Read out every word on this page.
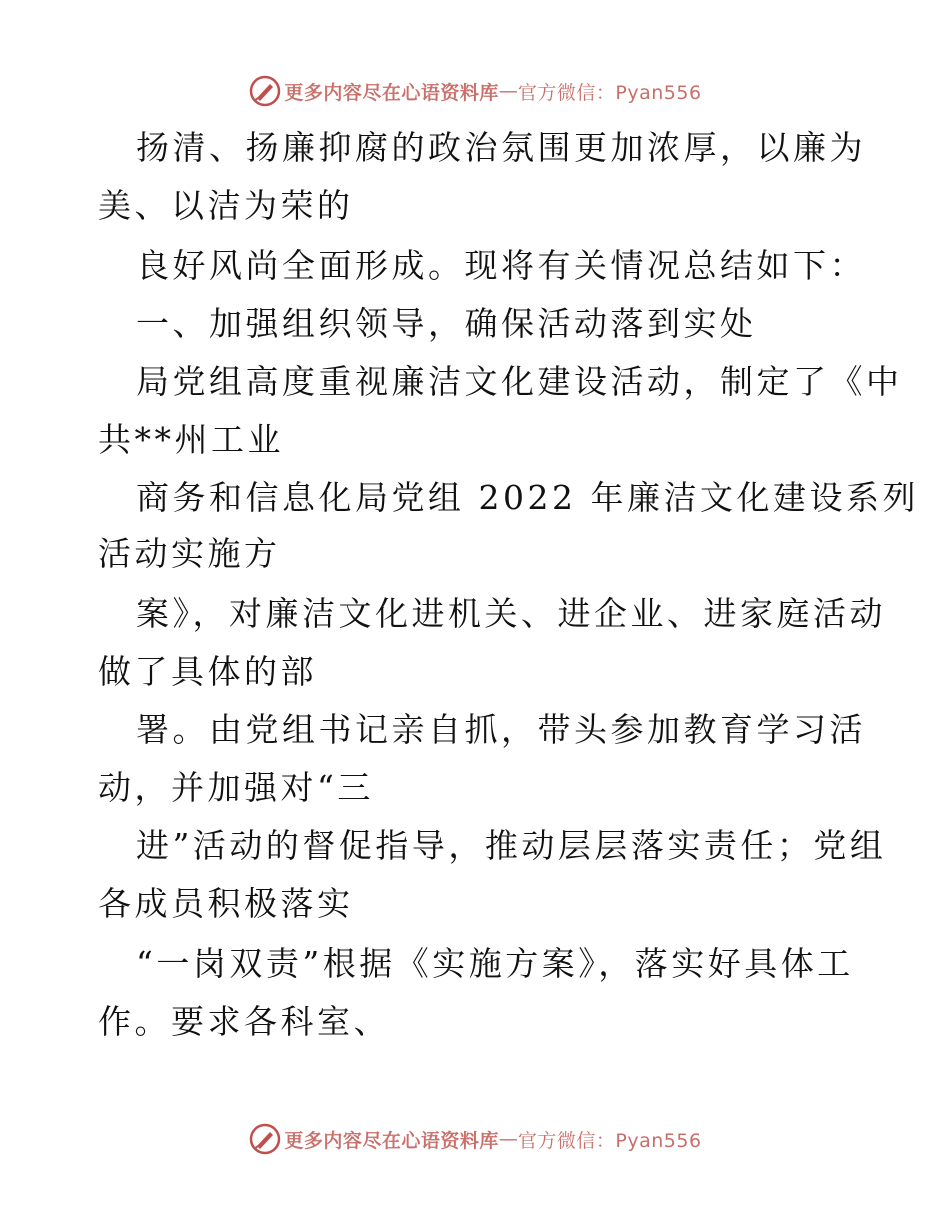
更多内容尽在心语资料库 — 官方微信：Pyan556
扬清、扬廉抑腐的政治氛围更加浓厚，以廉为
美、以洁为荣的
良好风尚全面形成。现将有关情况总结如下：
一、加强组织领导，确保活动落到实处
局党组高度重视廉洁文化建设活动，制定了《中
共**州工业
商务和信息化局党组 2022 年廉洁文化建设系列
活动实施方
案》，对廉洁文化进机关、进企业、进家庭活动
做了具体的部
署。由党组书记亲自抓，带头参加教育学习活
动，并加强对“三
进”活动的督促指导，推动层层落实责任；党组
各成员积极落实
“一岗双责”根据《实施方案》，落实好具体工
作。要求各科室、
更多内容尽在心语资料库 — 官方微信：Pyan556
